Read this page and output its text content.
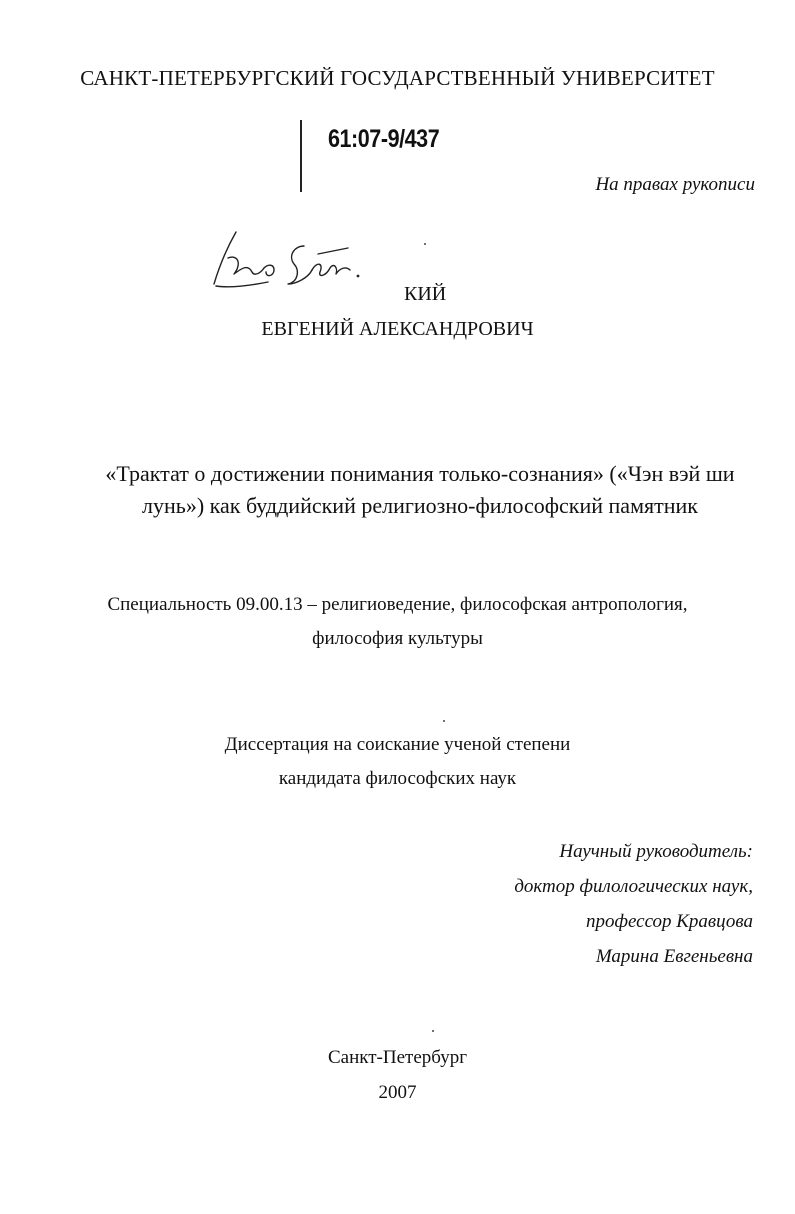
САНКТ-ПЕТЕРБУРГСКИЙ ГОСУДАРСТВЕННЫЙ УНИВЕРСИТЕТ
61:07-9/437
На правах рукописи
КИЙ
ЕВГЕНИЙ АЛЕКСАНДРОВИЧ
«Трактат о достижении понимания только-сознания» («Чэн вэй ши
лунь») как буддийский религиозно-философский памятник
Специальность 09.00.13 – религиоведение, философская антропология,
философия культуры
Диссертация на соискание ученой степени
кандидата философских наук
Научный руководитель:
доктор филологических наук,
профессор Кравцова
Марина Евгеньевна
Санкт-Петербург
2007
